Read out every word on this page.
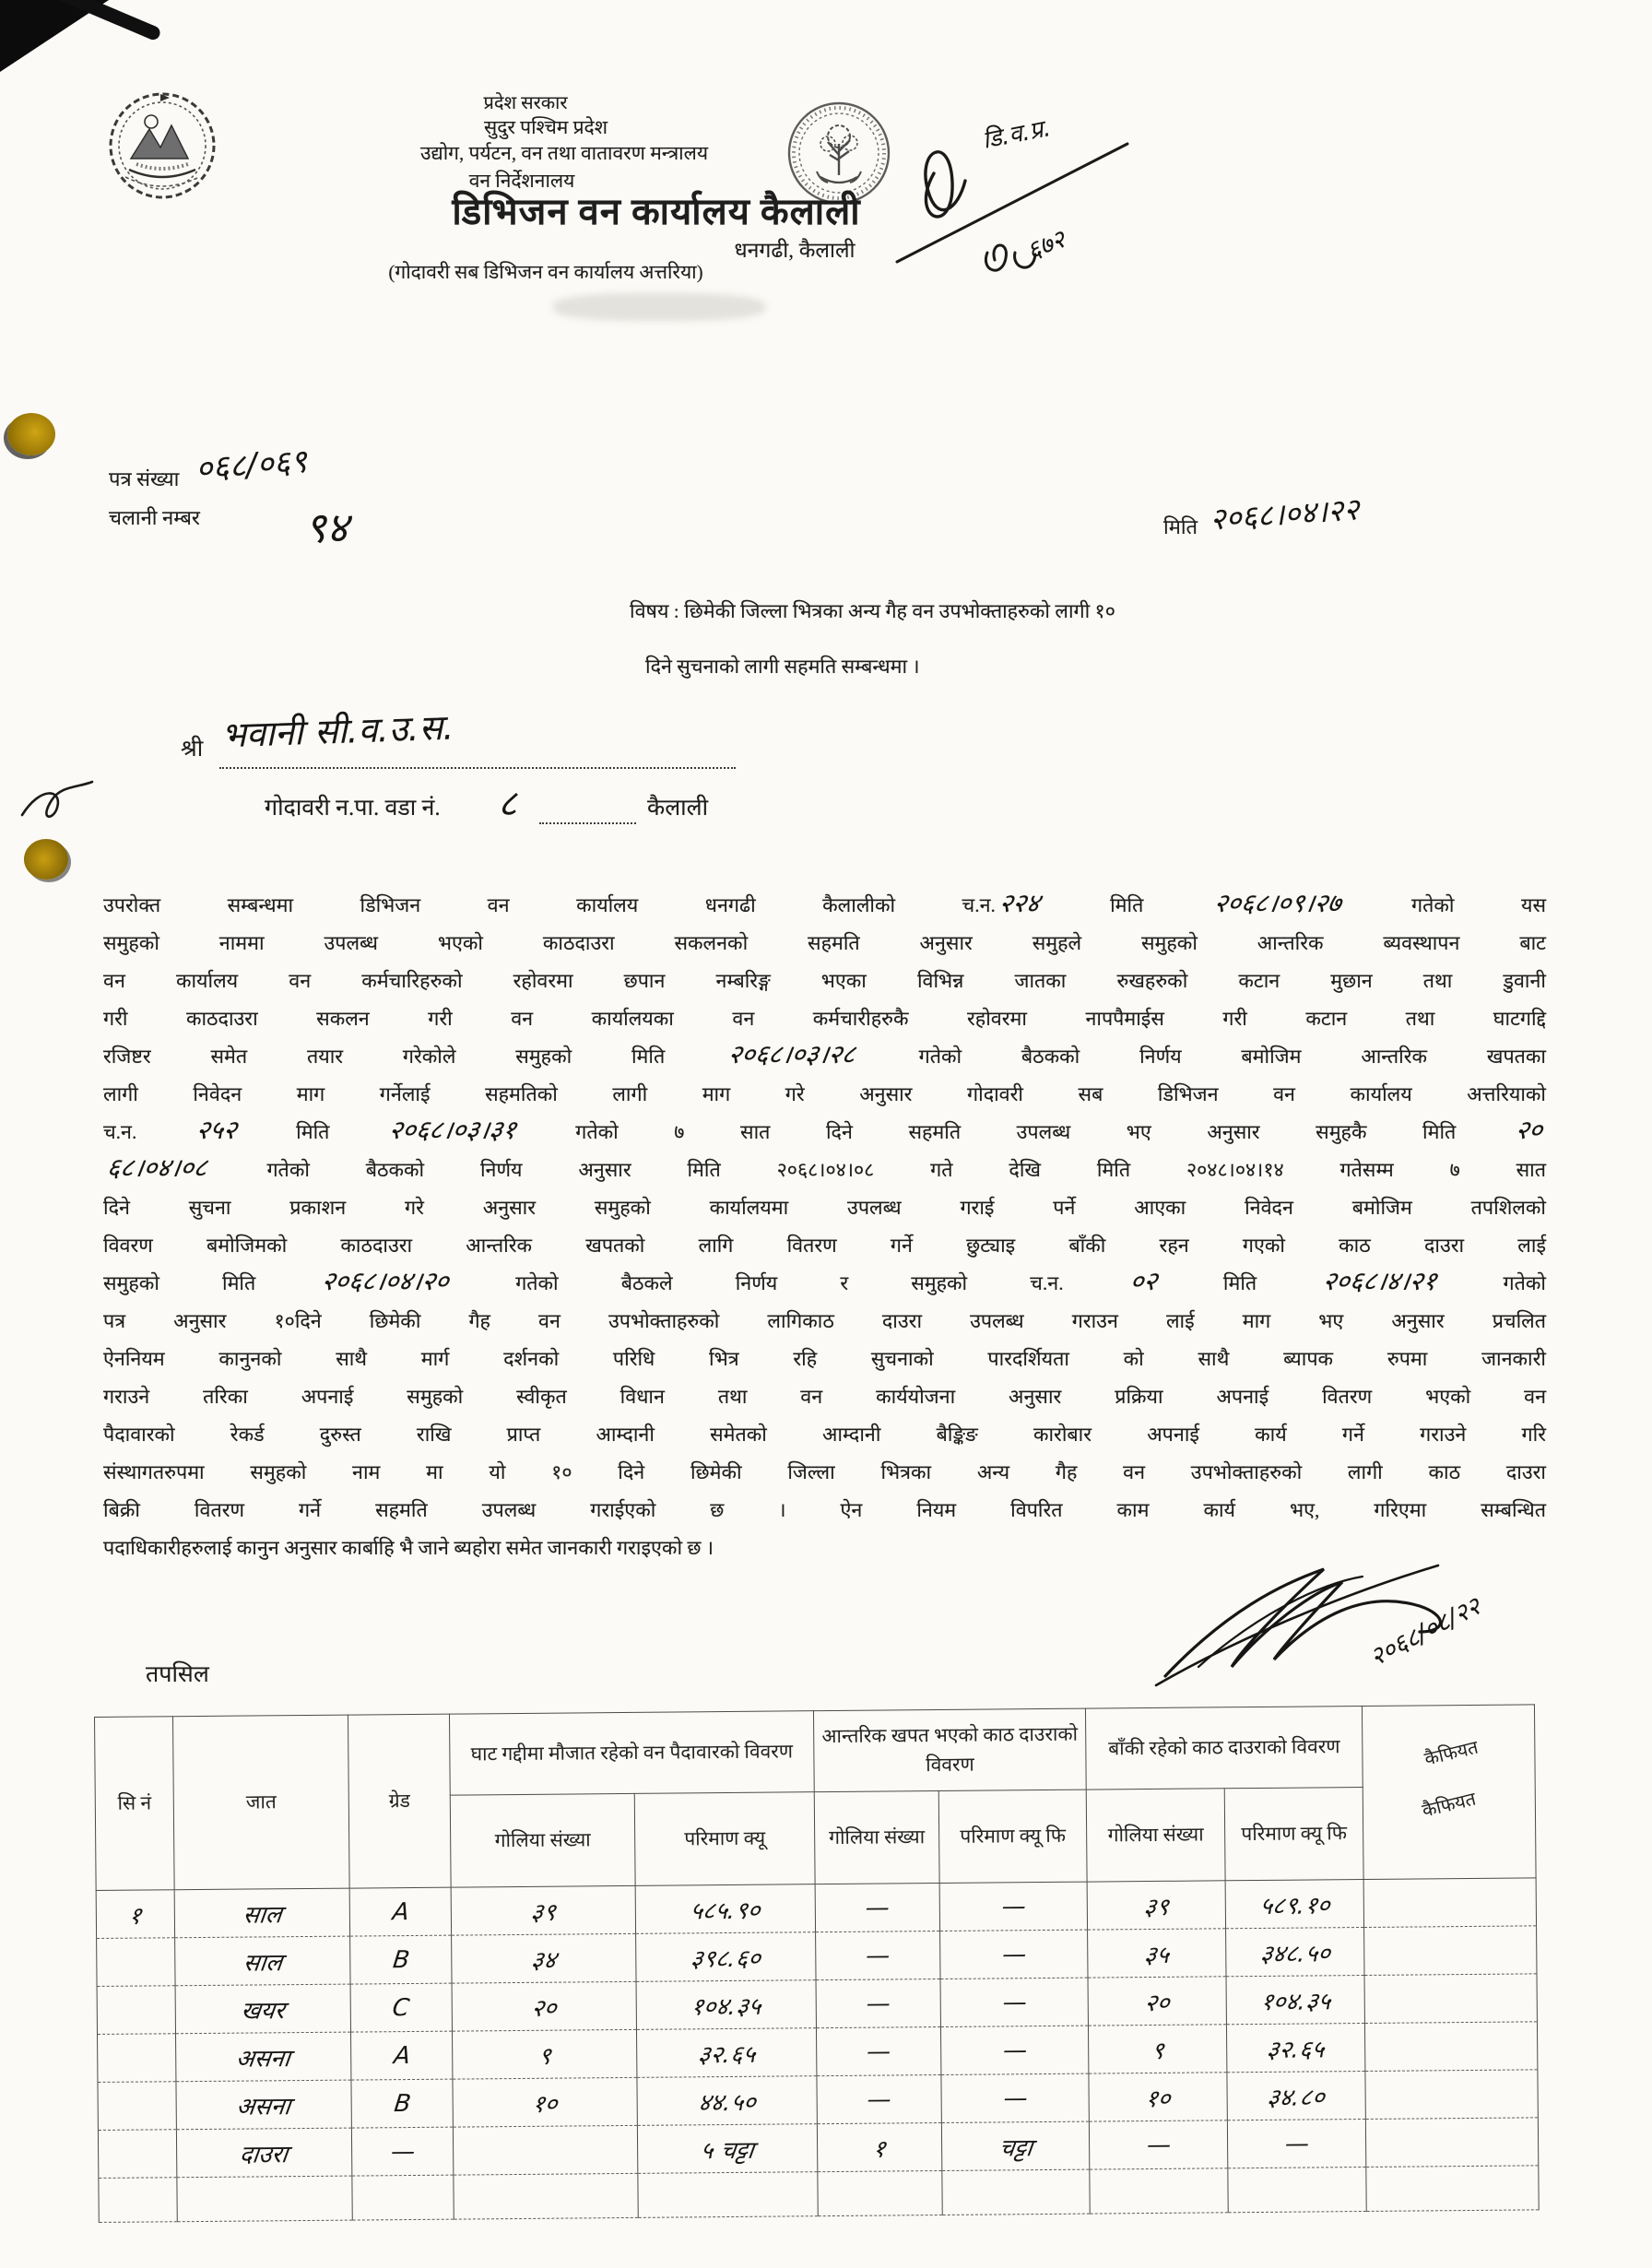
डि.व.प्र.
६७२
प्रदेश सरकार
सुदुर पश्चिम प्रदेश
उद्योग, पर्यटन, वन तथा वातावरण मन्त्रालय
वन निर्देशनालय
डिभिजन वन कार्यालय कैलाली
धनगढी, कैलाली
(गोदावरी सब डिभिजन वन कार्यालय अत्तरिया)
पत्र संख्या ०६८/०६९
चलानी नम्बर ९४	मिति २०६८।०४।२२
विषय : छिमेकी जिल्ला भित्रका अन्य गैह वन उपभोक्ताहरुको लागी १०
दिने सुचनाको लागी सहमति सम्बन्धमा ।
श्री भवानी सी.व.उ.स.
गोदावरी न.पा. वडा नं. ८	कैलाली
उपरोक्त सम्बन्धमा डिभिजन वन कार्यालय धनगढी कैलालीको च.न.२२४ मिति २०६८।०९।२७ गतेको यस
समुहको नाममा उपलब्ध भएको काठदाउरा सकलनको सहमति अनुसार समुहले समुहको आन्तरिक ब्यवस्थापन बाट
वन कार्यालय वन कर्मचारिहरुको रहोवरमा छपान नम्बरिङ्ग भएका विभिन्न जातका रुखहरुको कटान मुछान तथा डुवानी
गरी काठदाउरा सकलन गरी वन कार्यालयका वन कर्मचारीहरुकै रहोवरमा नापपैमाईस गरी कटान तथा घाटगद्दि
रजिष्टर समेत तयार गरेकोले समुहको मिति २०६८।०३।२८ गतेको बैठकको निर्णय बमोजिम आन्तरिक खपतका
लागी निवेदन माग गर्नेलाई सहमतिको लागी माग गरे अनुसार गोदावरी सब डिभिजन वन कार्यालय अत्तरियाको
च.न. २५२ मिति २०६८।०३।३१ गतेको ७ सात दिने सहमति उपलब्ध भए अनुसार समुहकै मिति २०
६८।०४।०८ गतेको बैठकको निर्णय अनुसार मिति २०६८।०४।०८ गते देखि मिति २०४८।०४।१४ गतेसम्म ७ सात
दिने सुचना प्रकाशन गरे अनुसार समुहको कार्यालयमा उपलब्ध गराई पर्ने आएका निवेदन बमोजिम तपशिलको
विवरण बमोजिमको काठदाउरा आन्तरिक खपतको लागि वितरण गर्ने छुट्याइ बाँकी रहन गएको काठ दाउरा लाई
समुहको मिति २०६८।०४।२० गतेको बैठकले निर्णय र समुहको च.न. ०२ मिति २०६८।४।२१ गतेको
पत्र अनुसार १०दिने छिमेकी गैह वन उपभोक्ताहरुको लागिकाठ दाउरा उपलब्ध गराउन लाई माग भए अनुसार प्रचलित
ऐननियम कानुनको साथै मार्ग दर्शनको परिधि भित्र रहि सुचनाको पारदर्शियता को साथै ब्यापक रुपमा जानकारी
गराउने तरिका अपनाई समुहको स्वीकृत विधान तथा वन कार्ययोजना अनुसार प्रक्रिया अपनाई वितरण भएको वन
पैदावारको रेकर्ड दुरुस्त राखि प्राप्त आम्दानी समेतको आम्दानी बैङ्किङ कारोबार अपनाई कार्य गर्ने गराउने गरि
संस्थागतरुपमा समुहको नाम मा यो १० दिने छिमेकी जिल्ला भित्रका अन्य गैह वन उपभोक्ताहरुको लागी काठ दाउरा
बिक्री वितरण गर्ने सहमति उपलब्ध गराईएको छ । ऐन नियम विपरित काम कार्य भए, गरिएमा सम्बन्धित
पदाधिकारीहरुलाई कानुन अनुसार कार्बाहि भै जाने ब्यहोरा समेत जानकारी गराइएको छ ।
२०६८/०८/२२
तपसिल
सि नं	जात	ग्रेड	घाट गद्दीमा मौजात रहेको वन पैदावारको विवरण		आन्तरिक खपत भएको काठ दाउराको विवरण		बाँकी रहेको काठ दाउराको विवरण		कैफियत
कैफियत

			गोलिया संख्या	परिमाण क्यू	गोलिया संख्या	परिमाण क्यू फि	गोलिया संख्या	परिमाण क्यू फि	
१	साल	A	३९	५८५.९०	—	—	३९	५८९.१०	
	साल	B	३४	३९८.६०	—	—	३५	३४८.५०	
	खयर	C	२०	१०४.३५	—	—	२०	१०४.३५	
	असना	A	९	३२.६५	—	—	९	३२.६५	
	असना	B	१०	४४.५०	—	—	१०	३४.८०	
	दाउरा	—		५ चट्टा	१	चट्टा	—	—	
